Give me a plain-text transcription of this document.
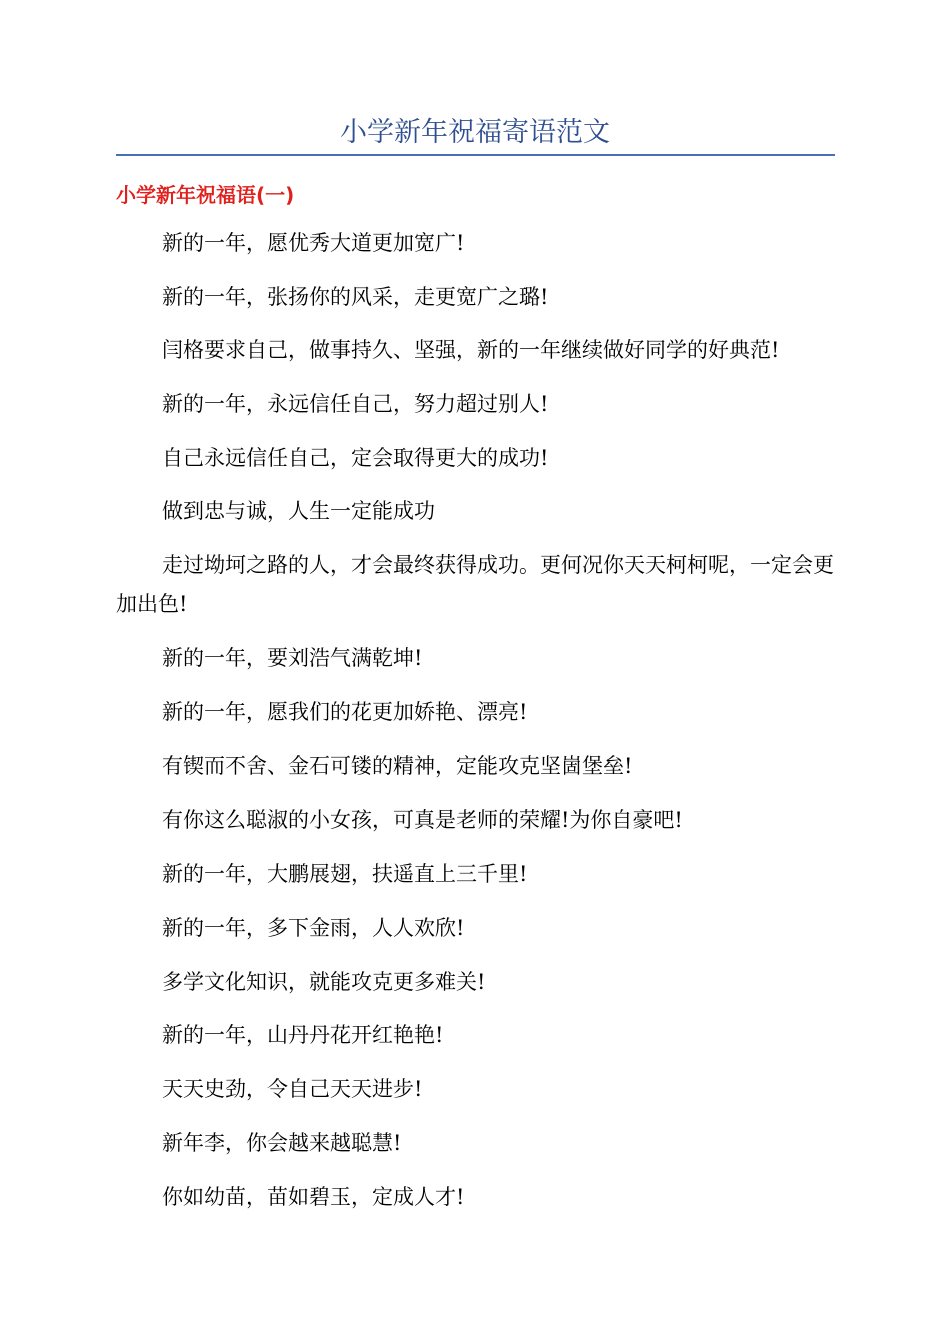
小学新年祝福寄语范文
小学新年祝福语(一)
新的一年，愿优秀大道更加宽广!
新的一年，张扬你的风采，走更宽广之璐!
闫格要求自己，做事持久、坚强，新的一年继续做好同学的好典范!
新的一年，永远信任自己，努力超过别人!
自己永远信任自己，定会取得更大的成功!
做到忠与诚，人生一定能成功
走过坳坷之路的人，才会最终获得成功。更何况你天天柯柯呢，一定会更加出色!
新的一年，要刘浩气满乾坤!
新的一年，愿我们的花更加娇艳、漂亮!
有锲而不舍、金石可镂的精神，定能攻克坚崮堡垒!
有你这么聪淑的小女孩，可真是老师的荣耀!为你自豪吧!
新的一年，大鹏展翅，扶遥直上三千里!
新的一年，多下金雨，人人欢欣!
多学文化知识，就能攻克更多难关!
新的一年，山丹丹花开红艳艳!
天天史劲，令自己天天进步!
新年李，你会越来越聪慧!
你如幼苗，苗如碧玉，定成人才!
